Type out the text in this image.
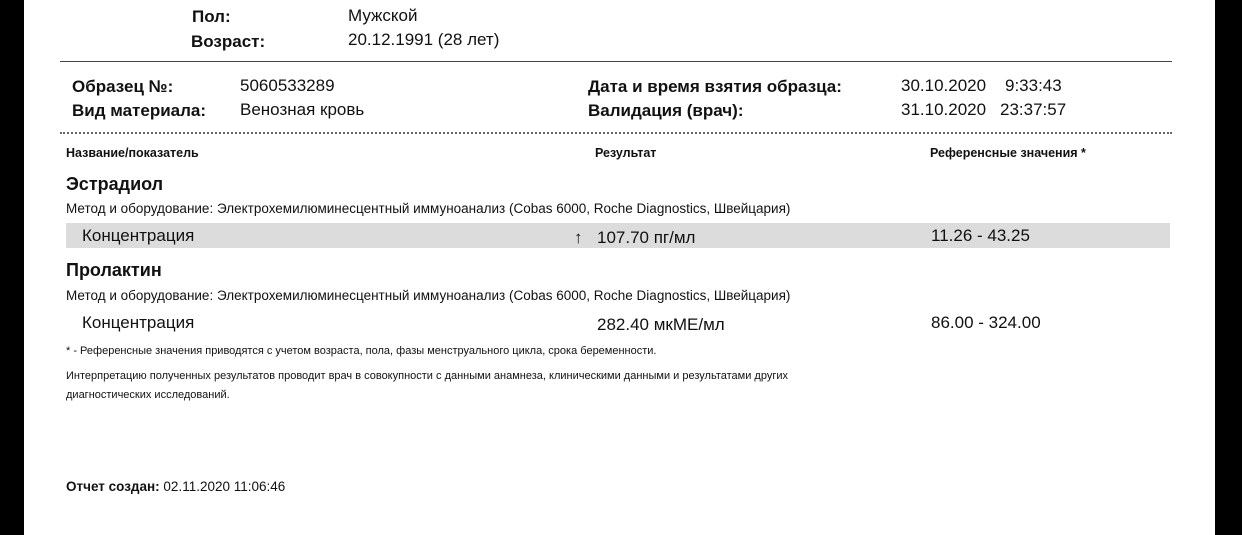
Пол:	Мужской
Возраст:	20.12.1991 (28 лет)
Образец №:	5060533289
Вид материала: Венозная кровь
Дата и время взятия образца:	30.10.2020 9:33:43
Валидация (врач):	31.10.2020 23:37:57
Название/показатель	Результат	Референсные значения *
Эстрадиол
Метод и оборудование: Электрохемилюминесцентный иммуноанализ (Cobas 6000, Roche Diagnostics, Швейцария)
Концентрация	↑ 107.70 пг/мл	11.26 - 43.25
Пролактин
Метод и оборудование: Электрохемилюминесцентный иммуноанализ (Cobas 6000, Roche Diagnostics, Швейцария)
Концентрация	282.40 мкМЕ/мл	86.00 - 324.00
* - Референсные значения приводятся с учетом возраста, пола, фазы менструального цикла, срока беременности.
Интерпретацию полученных результатов проводит врач в совокупности с данными анамнеза, клиническими данными и результатами других
диагностических исследований.
Отчет создан: 02.11.2020 11:06:46
